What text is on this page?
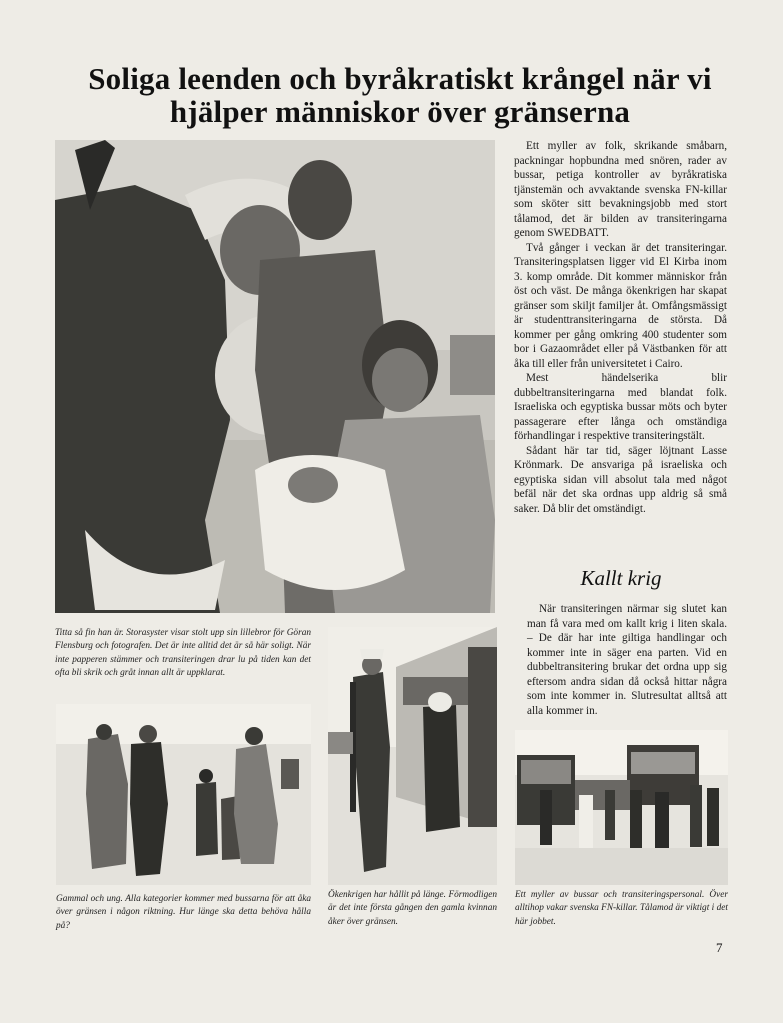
Soliga leenden och byråkratiskt krångel när vi hjälper människor över gränserna

Ett myller av folk, skrikande småbarn, packningar hopbundna med snören, rader av bussar, petiga kontroller av byråkratiska tjänstemän och avvaktande svenska FN-killar som sköter sitt bevakningsjobb med stort tålamod, det är bilden av transiteringarna genom SWEDBATT.

Två gånger i veckan är det transiteringar. Transiteringsplatsen ligger vid El Kirba inom 3. komp område. Dit kommer människor från öst och väst. De många ökenkrigen har skapat gränser som skiljt familjer åt. Omfångsmässigt är studenttransiteringarna de största. Då kommer per gång omkring 400 studenter som bor i Gazaområdet eller på Västbanken för att åka till eller från universitetet i Cairo.

Mest händelserika blir dubbeltransiteringarna med blandat folk. Israeliska och egyptiska bussar möts och byter passagerare efter långa och omständiga förhandlingar i respektive transiteringstält.

Sådant här tar tid, säger löjtnant Lasse Krönmark. De ansvariga på israeliska och egyptiska sidan vill absolut tala med något befäl när det ska ordnas upp aldrig så små saker. Då blir det omständigt.

Kallt krig

När transiteringen närmar sig slutet kan man få vara med om kallt krig i liten skala. – De där har inte giltiga handlingar och kommer inte in säger ena parten. Vid en dubbeltransitering brukar det ordna upp sig eftersom andra sidan då också hittar några som inte kommer in. Slutresultat alltså att alla kommer in.

Titta så fin han är. Storasyster visar stolt upp sin lillebror för Göran Flensburg och fotografen. Det är inte alltid det är så här soligt. När inte papperen stämmer och transiteringen drar lu på tiden kan det ofta bli skrik och gråt innan allt är uppklarat.
Gammal och ung. Alla kategorier kommer med bussarna för att åka över gränsen i någon riktning. Hur länge ska detta behöva hålla på?
Ökenkrigen har hållit på länge. Förmodligen är det inte första gången den gamla kvinnan åker över gränsen.
Ett myller av bussar och transiteringspersonal. Över alltihop vakar svenska FN-killar. Tålamod är viktigt i det här jobbet.
7
